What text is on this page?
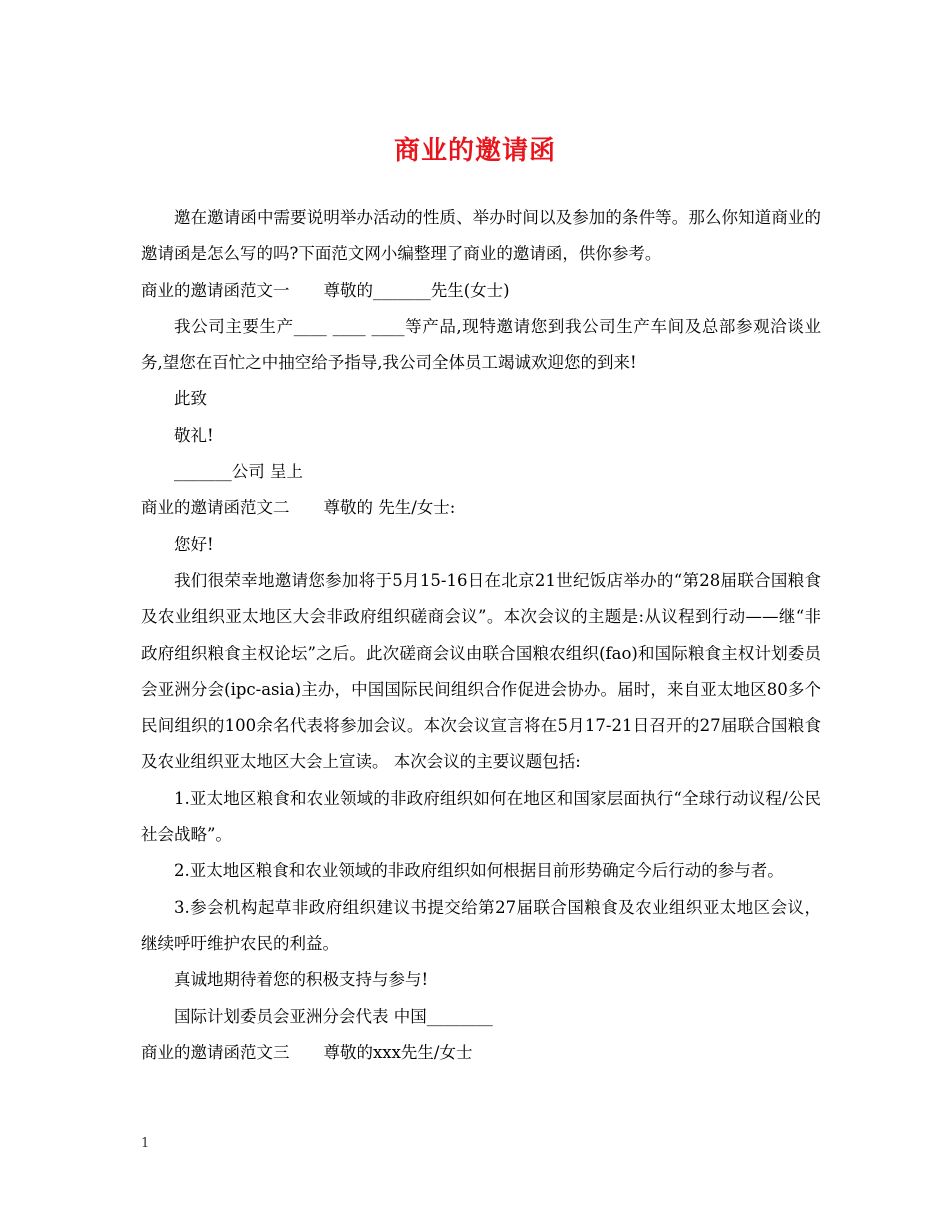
商业的邀请函

邀在邀请函中需要说明举办活动的性质、举办时间以及参加的条件等。那么你知道商业的邀请函是怎么写的吗?下面范文网小编整理了商业的邀请函，供你参考。

商业的邀请函范文一 尊敬的_______先生(女士)

我公司主要生产____ ____ ____等产品,现特邀请您到我公司生产车间及总部参观洽谈业务,望您在百忙之中抽空给予指导,我公司全体员工竭诚欢迎您的到来!

此致

敬礼!

_______公司 呈上

商业的邀请函范文二 尊敬的 先生/女士:

您好!

我们很荣幸地邀请您参加将于5月15-16日在北京21世纪饭店举办的“第28届联合国粮食及农业组织亚太地区大会非政府组织磋商会议”。本次会议的主题是:从议程到行动——继“非政府组织粮食主权论坛”之后。此次磋商会议由联合国粮农组织(fao)和国际粮食主权计划委员会亚洲分会(ipc-asia)主办，中国国际民间组织合作促进会协办。届时，来自亚太地区80多个民间组织的100余名代表将参加会议。本次会议宣言将在5月17-21日召开的27届联合国粮食及农业组织亚太地区大会上宣读。 本次会议的主要议题包括:

1.亚太地区粮食和农业领域的非政府组织如何在地区和国家层面执行“全球行动议程/公民社会战略”。

2.亚太地区粮食和农业领域的非政府组织如何根据目前形势确定今后行动的参与者。

3.参会机构起草非政府组织建议书提交给第27届联合国粮食及农业组织亚太地区会议，继续呼吁维护农民的利益。

真诚地期待着您的积极支持与参与!

国际计划委员会亚洲分会代表 中国________

商业的邀请函范文三 尊敬的xxx先生/女士

1
